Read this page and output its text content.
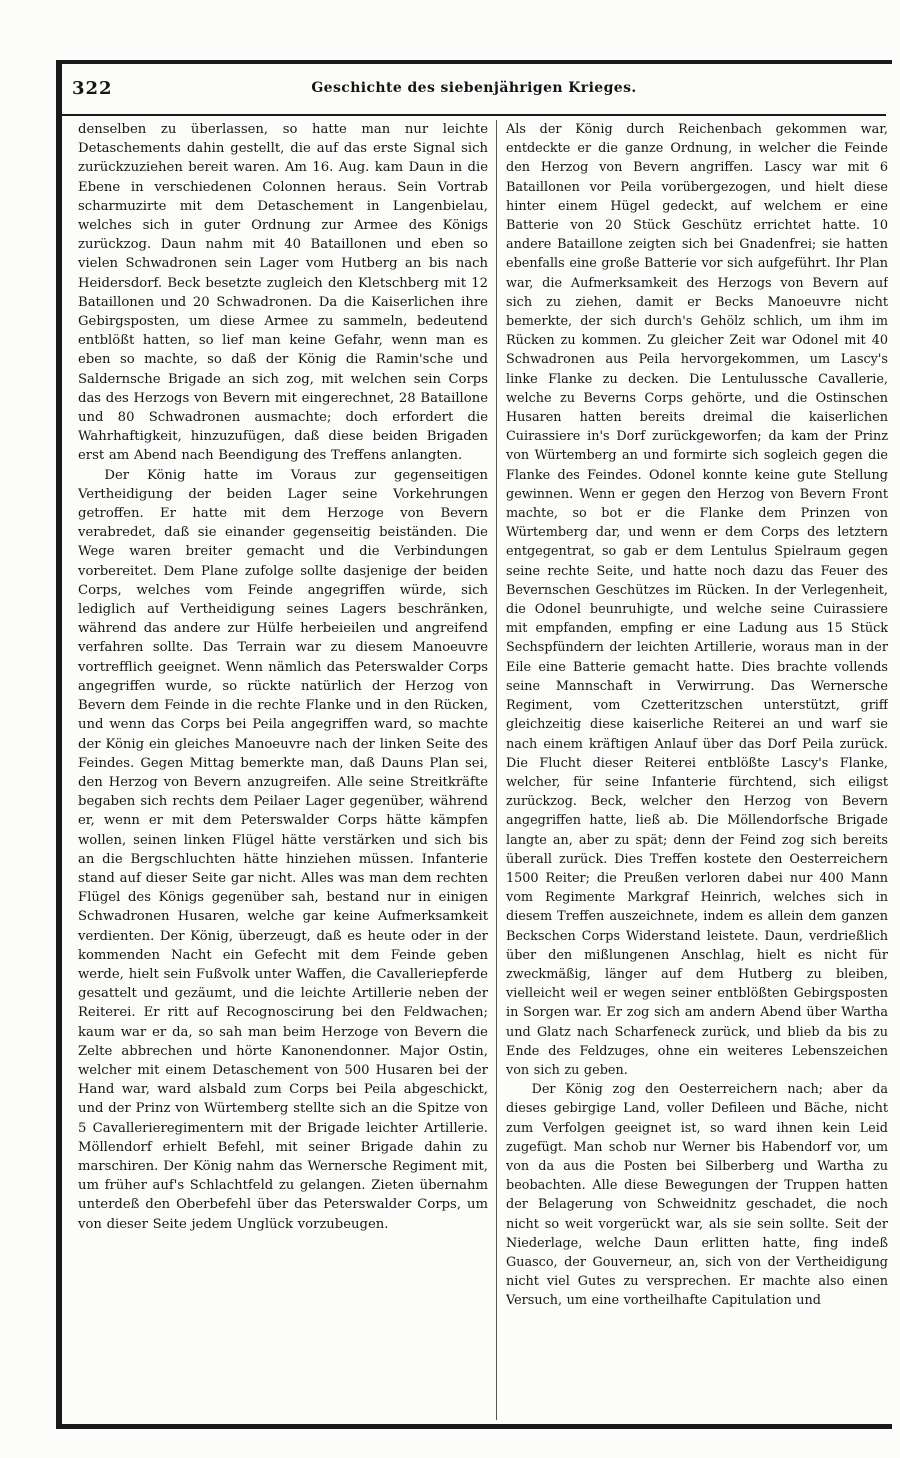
322	Geschichte des siebenjährigen Krieges.

denselben zu überlassen, so hatte man nur leichte Detaschements dahin gestellt, die auf das erste Signal sich zurückzuziehen bereit waren. Am 16. Aug. kam Daun in die Ebene in verschiedenen Colonnen heraus. Sein Vortrab scharmuzirte mit dem Detaschement in Langenbielau, welches sich in guter Ordnung zur Armee des Königs zurückzog. Daun nahm mit 40 Bataillonen und eben so vielen Schwadronen sein Lager vom Hutberg an bis nach Heidersdorf. Beck besetzte zugleich den Kletschberg mit 12 Bataillonen und 20 Schwadronen. Da die Kaiserlichen ihre Gebirgsposten, um diese Armee zu sammeln, bedeutend entblößt hatten, so lief man keine Gefahr, wenn man es eben so machte, so daß der König die Ramin'sche und Saldernsche Brigade an sich zog, mit welchen sein Corps das des Herzogs von Bevern mit eingerechnet, 28 Bataillone und 80 Schwadronen ausmachte; doch erfordert die Wahrhaftigkeit, hinzuzufügen, daß diese beiden Brigaden erst am Abend nach Beendigung des Treffens anlangten.

Der König hatte im Voraus zur gegenseitigen Vertheidigung der beiden Lager seine Vorkehrungen getroffen. Er hatte mit dem Herzoge von Bevern verabredet, daß sie einander gegenseitig beiständen. Die Wege waren breiter gemacht und die Verbindungen vorbereitet. Dem Plane zufolge sollte dasjenige der beiden Corps, welches vom Feinde angegriffen würde, sich lediglich auf Vertheidigung seines Lagers beschränken, während das andere zur Hülfe herbeieilen und angreifend verfahren sollte. Das Terrain war zu diesem Manoeuvre vortrefflich geeignet. Wenn nämlich das Peterswalder Corps angegriffen wurde, so rückte natürlich der Herzog von Bevern dem Feinde in die rechte Flanke und in den Rücken, und wenn das Corps bei Peila angegriffen ward, so machte der König ein gleiches Manoeuvre nach der linken Seite des Feindes. Gegen Mittag bemerkte man, daß Dauns Plan sei, den Herzog von Bevern anzugreifen. Alle seine Streitkräfte begaben sich rechts dem Peilaer Lager gegenüber, während er, wenn er mit dem Peterswalder Corps hätte kämpfen wollen, seinen linken Flügel hätte verstärken und sich bis an die Bergschluchten hätte hinziehen müssen. Infanterie stand auf dieser Seite gar nicht. Alles was man dem rechten Flügel des Königs gegenüber sah, bestand nur in einigen Schwadronen Husaren, welche gar keine Aufmerksamkeit verdienten. Der König, überzeugt, daß es heute oder in der kommenden Nacht ein Gefecht mit dem Feinde geben werde, hielt sein Fußvolk unter Waffen, die Cavalleriepferde gesattelt und gezäumt, und die leichte Artillerie neben der Reiterei. Er ritt auf Recognoscirung bei den Feldwachen; kaum war er da, so sah man beim Herzoge von Bevern die Zelte abbrechen und hörte Kanonendonner. Major Ostin, welcher mit einem Detaschement von 500 Husaren bei der Hand war, ward alsbald zum Corps bei Peila abgeschickt, und der Prinz von Würtemberg stellte sich an die Spitze von 5 Cavallerieregimentern mit der Brigade leichter Artillerie. Möllendorf erhielt Befehl, mit seiner Brigade dahin zu marschiren. Der König nahm das Wernersche Regiment mit, um früher auf's Schlachtfeld zu gelangen. Zieten übernahm unterdeß den Oberbefehl über das Peterswalder Corps, um von dieser Seite jedem Unglück vorzubeugen.

Als der König durch Reichenbach gekommen war, entdeckte er die ganze Ordnung, in welcher die Feinde den Herzog von Bevern angriffen. Lascy war mit 6 Bataillonen vor Peila vorübergezogen, und hielt diese hinter einem Hügel gedeckt, auf welchem er eine Batterie von 20 Stück Geschütz errichtet hatte. 10 andere Bataillone zeigten sich bei Gnadenfrei; sie hatten ebenfalls eine große Batterie vor sich aufgeführt. Ihr Plan war, die Aufmerksamkeit des Herzogs von Bevern auf sich zu ziehen, damit er Becks Manoeuvre nicht bemerkte, der sich durch's Gehölz schlich, um ihm im Rücken zu kommen. Zu gleicher Zeit war Odonel mit 40 Schwadronen aus Peila hervorgekommen, um Lascy's linke Flanke zu decken. Die Lentulussche Cavallerie, welche zu Beverns Corps gehörte, und die Ostinschen Husaren hatten bereits dreimal die kaiserlichen Cuirassiere in's Dorf zurückgeworfen; da kam der Prinz von Würtemberg an und formirte sich sogleich gegen die Flanke des Feindes. Odonel konnte keine gute Stellung gewinnen. Wenn er gegen den Herzog von Bevern Front machte, so bot er die Flanke dem Prinzen von Würtemberg dar, und wenn er dem Corps des letztern entgegentrat, so gab er dem Lentulus Spielraum gegen seine rechte Seite, und hatte noch dazu das Feuer des Bevernschen Geschützes im Rücken. In der Verlegenheit, die Odonel beunruhigte, und welche seine Cuirassiere mit empfanden, empfing er eine Ladung aus 15 Stück Sechspfündern der leichten Artillerie, woraus man in der Eile eine Batterie gemacht hatte. Dies brachte vollends seine Mannschaft in Verwirrung. Das Wernersche Regiment, vom Czetteritzschen unterstützt, griff gleichzeitig diese kaiserliche Reiterei an und warf sie nach einem kräftigen Anlauf über das Dorf Peila zurück. Die Flucht dieser Reiterei entblößte Lascy's Flanke, welcher, für seine Infanterie fürchtend, sich eiligst zurückzog. Beck, welcher den Herzog von Bevern angegriffen hatte, ließ ab. Die Möllendorfsche Brigade langte an, aber zu spät; denn der Feind zog sich bereits überall zurück. Dies Treffen kostete den Oesterreichern 1500 Reiter; die Preußen verloren dabei nur 400 Mann vom Regimente Markgraf Heinrich, welches sich in diesem Treffen auszeichnete, indem es allein dem ganzen Beckschen Corps Widerstand leistete. Daun, verdrießlich über den mißlungenen Anschlag, hielt es nicht für zweckmäßig, länger auf dem Hutberg zu bleiben, vielleicht weil er wegen seiner entblößten Gebirgsposten in Sorgen war. Er zog sich am andern Abend über Wartha und Glatz nach Scharfeneck zurück, und blieb da bis zu Ende des Feldzuges, ohne ein weiteres Lebenszeichen von sich zu geben.

Der König zog den Oesterreichern nach; aber da dieses gebirgige Land, voller Defileen und Bäche, nicht zum Verfolgen geeignet ist, so ward ihnen kein Leid zugefügt. Man schob nur Werner bis Habendorf vor, um von da aus die Posten bei Silberberg und Wartha zu beobachten. Alle diese Bewegungen der Truppen hatten der Belagerung von Schweidnitz geschadet, die noch nicht so weit vorgerückt war, als sie sein sollte. Seit der Niederlage, welche Daun erlitten hatte, fing indeß Guasco, der Gouverneur, an, sich von der Vertheidigung nicht viel Gutes zu versprechen. Er machte also einen Versuch, um eine vortheilhafte Capitulation und
